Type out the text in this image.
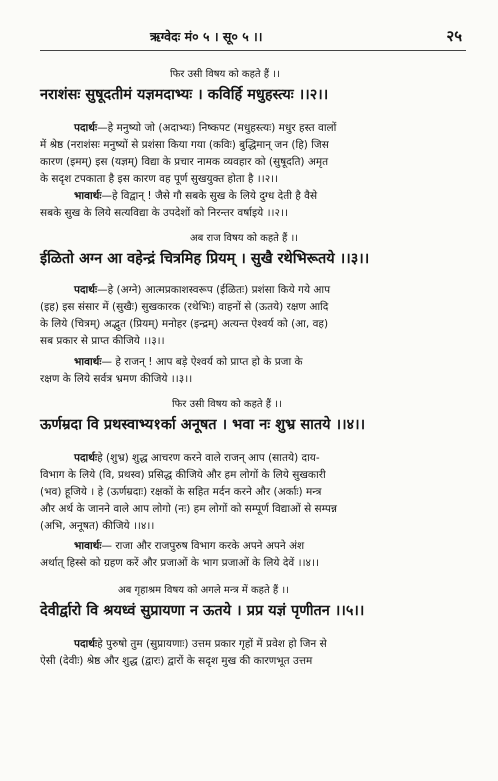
ऋग्वेदः मं० ५ । सू० ५ ।।	२५
फिर उसी विषय को कहते हैं ।।
नराशंसः सुषूदतीमं यज्ञमदाभ्यः । कविर्हि मधुहस्त्यः ।।२।।
पदार्थः—हे मनुष्यो जो (अदाभ्यः) निष्कपट (मधुहस्त्यः) मधुर हस्त वालों
में श्रेष्ठ (नराशंसः मनुष्यों से प्रशंसा किया गया (कविः) बुद्धिमान् जन (हि) जिस
कारण (इमम्) इस (यज्ञम्) विद्या के प्रचार नामक व्यवहार को (सुषूदति) अमृत
के सदृश टपकाता है इस कारण वह पूर्ण सुखयुक्त होता है ।।२।।
भावार्थः—हे विद्वान् ! जैसे गौ सबके सुख के लिये दुग्ध देती है वैसे
सबके सुख के लिये सत्यविद्या के उपदेशों को निरन्तर वर्षाइये ।।२।।
अब राज विषय को कहते हैं ।।
ईळितो अग्न आ वहेन्द्रं चित्रमिह प्रियम् । सुखै रथेभिरूतये ।।३।।
पदार्थः—हे (अग्ने) आत्मप्रकाशस्वरूप (ईळितः) प्रशंसा किये गये आप
(इह) इस संसार में (सुखैः) सुखकारक (रथेभिः) वाहनों से (ऊतये) रक्षण आदि
के लिये (चित्रम्) अद्भुत (प्रियम्) मनोहर (इन्द्रम्) अत्यन्त ऐश्वर्य को (आ, वह)
सब प्रकार से प्राप्त कीजिये ।।३।।
भावार्थः— हे राजन् ! आप बड़े ऐश्वर्य को प्राप्त हो के प्रजा के
रक्षण के लिये सर्वत्र भ्रमण कीजिये ।।३।।
फिर उसी विषय को कहते हैं ।।
ऊर्णम्रदा वि प्रथस्वाभ्य१र्का अनूषत । भवा नः शुभ्र सातये ।।४।।
पदार्थःहे (शुभ्र) शुद्ध आचरण करने वाले राजन् आप (सातये) दाय-
विभाग के लिये (वि, प्रथस्व) प्रसिद्ध कीजिये और हम लोगों के लिये सुखकारी
(भव) हूजिये । हे (ऊर्णम्रदाः) रक्षकों के सहित मर्दन करने और (अर्काः) मन्त्र
और अर्थ के जानने वाले आप लोगो (नः) हम लोगों को सम्पूर्ण विद्याओं से सम्पन्न
(अभि, अनूषत) कीजिये ।।४।।
भावार्थः— राजा और राजपुरुष विभाग करके अपने अपने अंश
अर्थात् हिस्से को ग्रहण करें और प्रजाओं के भाग प्रजाओं के लिये देवें ।।४।।
अब गृहाश्रम विषय को अगले मन्त्र में कहते हैं ।।
देवीर्द्वारो वि श्रयध्वं सुप्रायणा न ऊतये । प्रप्र यज्ञं पृणीतन ।।५।।
पदार्थःहे पुरुषो तुम (सुप्रायणाः) उत्तम प्रकार गृहों में प्रवेश हो जिन से
ऐसी (देवीः) श्रेष्ठ और शुद्ध (द्वारः) द्वारों के सदृश मुख की कारणभूत उत्तम
